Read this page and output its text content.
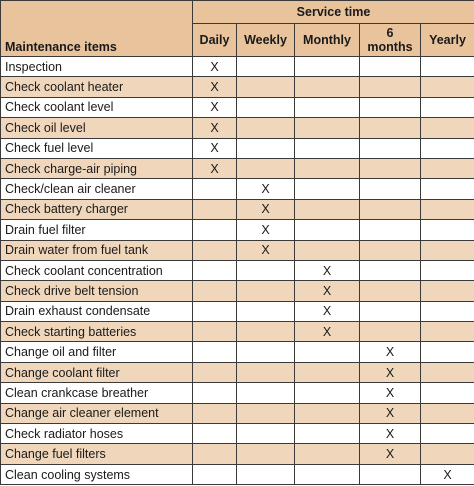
Maintenance items	Service time				
	Daily	Weekly	Monthly	6
months	Yearly
Inspection	X				
Check coolant heater	X				
Check coolant level	X				
Check oil level	X				
Check fuel level	X				
Check charge-air piping	X				
Check/clean air cleaner		X			
Check battery charger		X			
Drain fuel filter		X			
Drain water from fuel tank		X			
Check coolant concentration			X		
Check drive belt tension			X		
Drain exhaust condensate			X		
Check starting batteries			X		
Change oil and filter				X	
Change coolant filter				X	
Clean crankcase breather				X	
Change air cleaner element				X	
Check radiator hoses				X	
Change fuel filters				X	
Clean cooling systems					X
